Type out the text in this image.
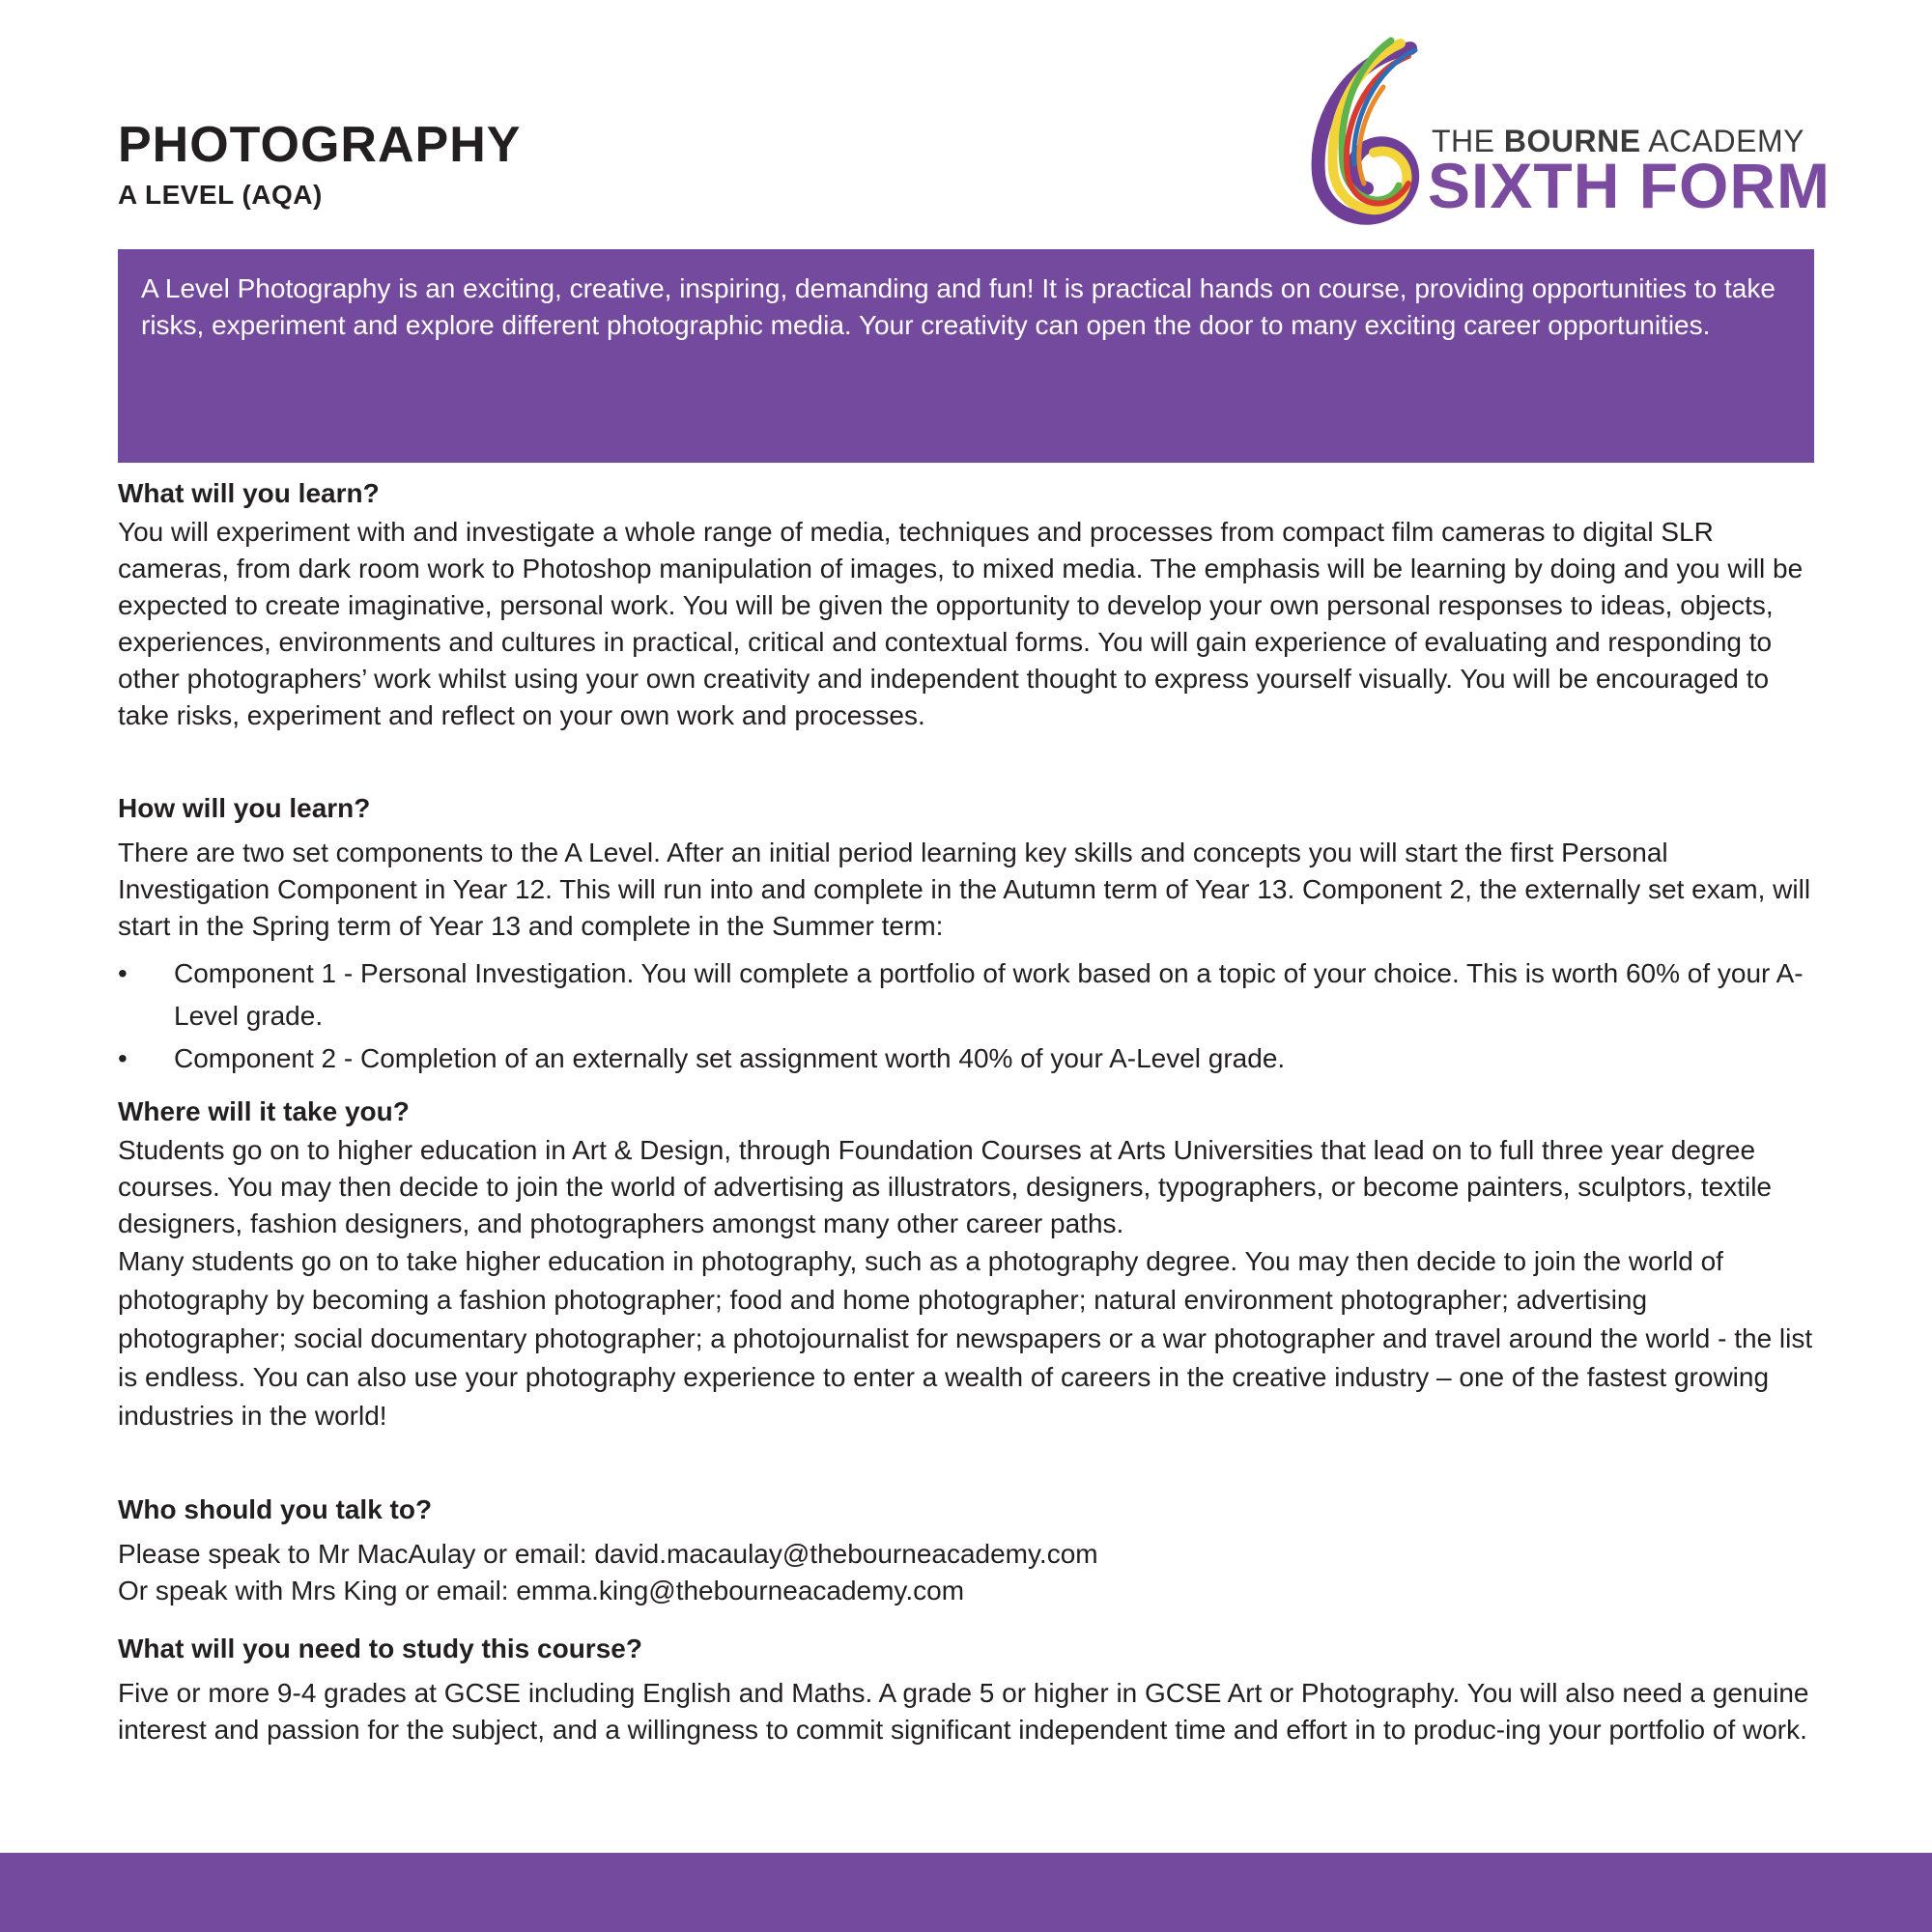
PHOTOGRAPHY
A LEVEL (AQA)
THE BOURNE ACADEMY
SIXTH FORM

A Level Photography is an exciting, creative, inspiring, demanding and fun! It is practical hands on course, providing opportunities to take risks, experiment and explore different photographic media. Your creativity can open the door to many exciting career opportunities.

What will you learn?

You will experiment with and investigate a whole range of media, techniques and processes from compact film cameras to digital SLR cameras, from dark room work to Photoshop manipulation of images, to mixed media. The emphasis will be learning by doing and you will be expected to create imaginative, personal work. You will be given the opportunity to develop your own personal responses to ideas, objects, experiences, environments and cultures in practical, critical and contextual forms. You will gain experience of evaluating and responding to other photographers’ work whilst using your own creativity and independent thought to express yourself visually. You will be encouraged to take risks, experiment and reflect on your own work and processes.

How will you learn?

There are two set components to the A Level. After an initial period learning key skills and concepts you will start the first Personal Investigation Component in Year 12. This will run into and complete in the Autumn term of Year 13. Component 2, the externally set exam, will start in the Spring term of Year 13 and complete in the Summer term:

•	Component 1 - Personal Investigation. You will complete a portfolio of work based on a topic of your choice. This is worth 60% of your A-Level grade.
•	Component 2 - Completion of an externally set assignment worth 40% of your A-Level grade.
Where will it take you?

Students go on to higher education in Art & Design, through Foundation Courses at Arts Universities that lead on to full three year degree courses. You may then decide to join the world of advertising as illustrators, designers, typographers, or become painters, sculptors, textile designers, fashion designers, and photographers amongst many other career paths.

Many students go on to take higher education in photography, such as a photography degree. You may then decide to join the world of photography by becoming a fashion photographer; food and home photographer; natural environment photographer; advertising photographer; social documentary photographer; a photojournalist for newspapers or a war photographer and travel around the world - the list is endless. You can also use your photography experience to enter a wealth of careers in the creative industry – one of the fastest growing industries in the world!

Who should you talk to?

Please speak to Mr MacAulay or email: david.macaulay@thebourneacademy.com

Or speak with Mrs King or email: emma.king@thebourneacademy.com

What will you need to study this course?

Five or more 9-4 grades at GCSE including English and Maths. A grade 5 or higher in GCSE Art or Photography. You will also need a genuine interest and passion for the subject, and a willingness to commit significant independent time and effort in to produc-ing your portfolio of work.
